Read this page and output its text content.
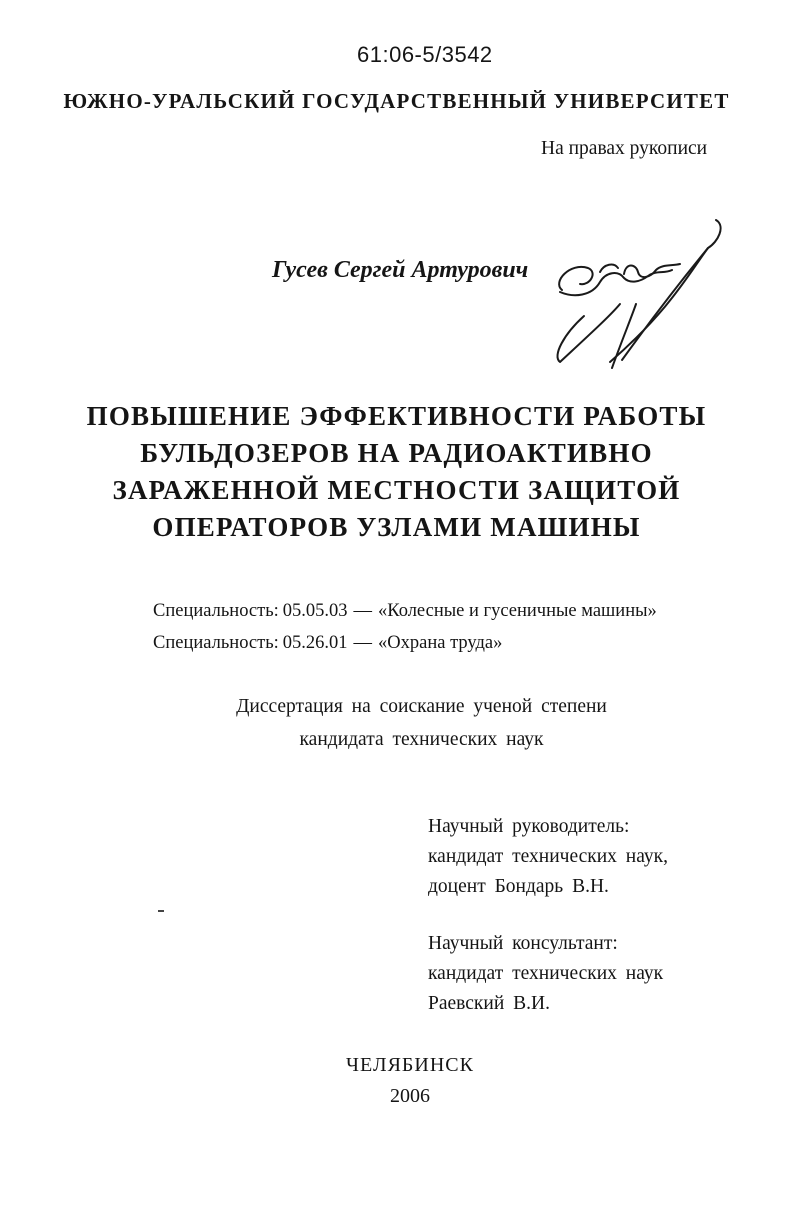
61:06-5/3542
ЮЖНО-УРАЛЬСКИЙ ГОСУДАРСТВЕННЫЙ УНИВЕРСИТЕТ
На правах рукописи
Гусев Сергей Артурович
ПОВЫШЕНИЕ ЭФФЕКТИВНОСТИ РАБОТЫ
БУЛЬДОЗЕРОВ НА РАДИОАКТИВНО
ЗАРАЖЕННОЙ МЕСТНОСТИ ЗАЩИТОЙ
ОПЕРАТОРОВ УЗЛАМИ МАШИНЫ
Специальность: 05.05.03 — «Колесные и гусеничные машины»
Специальность: 05.26.01 — «Охрана труда»
Диссертация на соискание ученой степени
кандидата технических наук
Научный руководитель:
кандидат технических наук,
доцент Бондарь В.Н.
Научный консультант:
кандидат технических наук
Раевский В.И.
ЧЕЛЯБИНСК
2006
